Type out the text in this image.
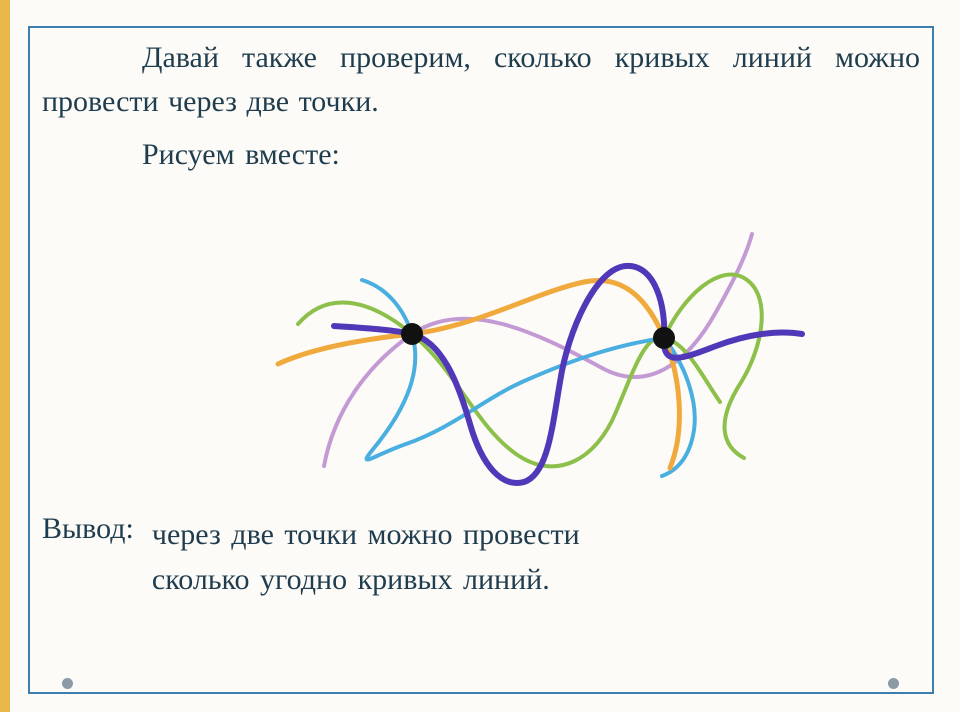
Давай также проверим, сколько кривых линий можно провести через две точки.
Рисуем вместе:
Вывод: через две точки можно провести
сколько угодно кривых линий.
